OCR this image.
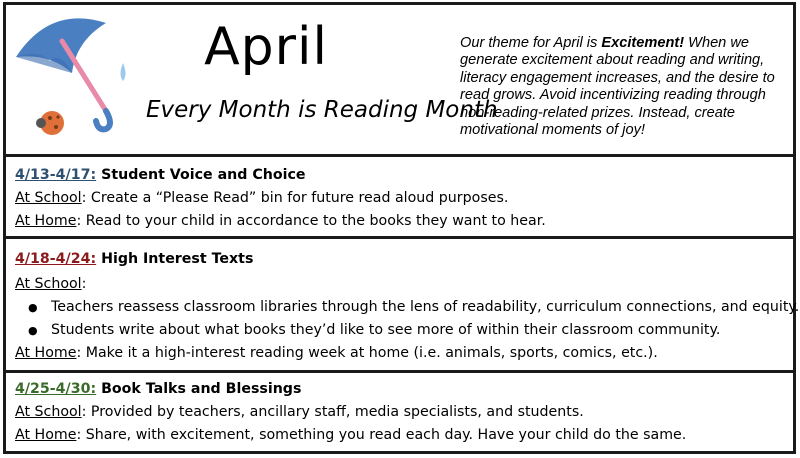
April
Every Month is Reading Month
Our theme for April is Excitement! When we generate excitement about reading and writing, literacy engagement increases, and the desire to read grows. Avoid incentivizing reading through non-reading-related prizes. Instead, create motivational moments of joy!
4/13-4/17: Student Voice and Choice
At School: Create a “Please Read” bin for future read aloud purposes.
At Home: Read to your child in accordance to the books they want to hear.
4/18-4/24: High Interest Texts
At School:
● Teachers reassess classroom libraries through the lens of readability, curriculum connections, and equity.
● Students write about what books they’d like to see more of within their classroom community.
At Home: Make it a high-interest reading week at home (i.e. animals, sports, comics, etc.).
4/25-4/30: Book Talks and Blessings
At School: Provided by teachers, ancillary staff, media specialists, and students.
At Home: Share, with excitement, something you read each day. Have your child do the same.
